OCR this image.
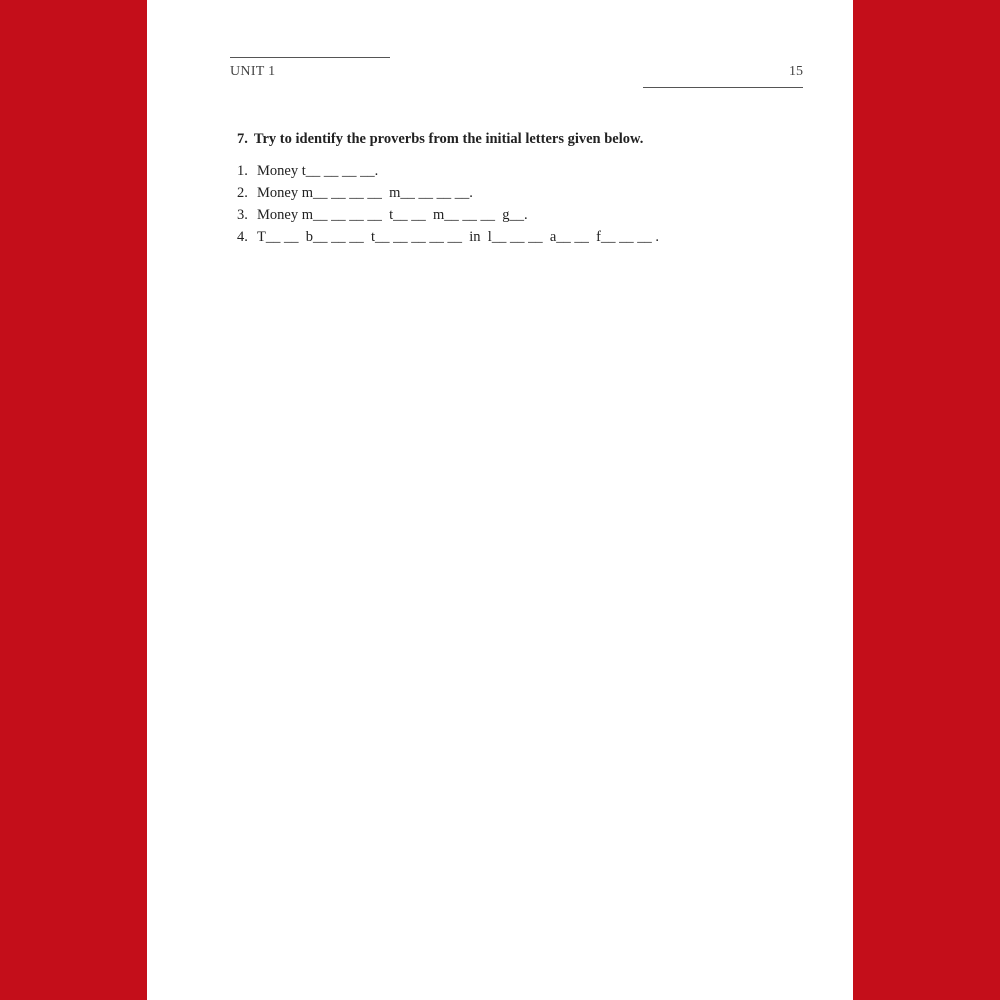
UNIT 1	15

7. Try to identify the proverbs from the initial letters given below.

1. Money t__ __ __ __.
2. Money m__ __ __ __  m__ __ __ __.
3. Money m__ __ __ __  t__ __  m__ __ __  g__.
4. T__ __  b__ __ __  t__ __ __ __ __  in  l__ __ __  a__ __  f__ __ __ .
